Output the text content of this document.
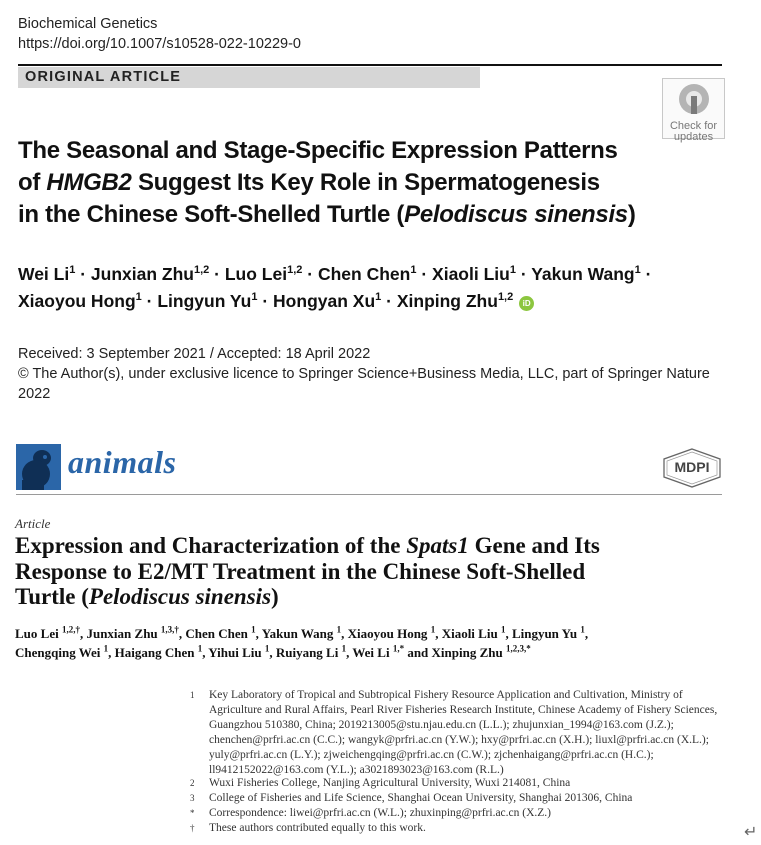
Biochemical Genetics
https://doi.org/10.1007/s10528-022-10229-0
ORIGINAL ARTICLE
Check for
updates
The Seasonal and Stage-Specific Expression Patterns
of HMGB2 Suggest Its Key Role in Spermatogenesis
in the Chinese Soft-Shelled Turtle (Pelodiscus sinensis)
Wei $Li^1$ · Junxian Zhu$^{1,2}$ · Luo Lei$^{1,2}$ · Chen Chen$^1$ · Xiaoli Liu$^1$ · Yakun Wang$^1$ ·
Xiaoyou Hong$^1$ · Lingyun $Yu^1$ · Hongyan $Xu^1$ · Xinping Zhu$^{1,2}$ iD
Received: 3 September 2021 / Accepted: 18 April 2022
© The Author(s), under exclusive licence to Springer Science+Business Media, LLC, part of Springer Nature 2022
animals	MDPI
Article
Expression and Characterization of the Spats1 Gene and Its
Response to E2/MT Treatment in the Chinese Soft-Shelled
Turtle (Pelodiscus sinensis)
Luo Lei $^{1,2,\dagger}$, Junxian Zhu $^{1,3,\dagger}$, Chen Chen $^1$, Yakun Wang $^1$, Xiaoyou Hong $^1$, Xiaoli Liu $^1$, Lingyun Yu $^1$,
Chengqing Wei $^1$, Haigang Chen $^1$, Yihui Liu $^1$, Ruiyang Li $^1$, Wei Li $^{1,*}$ and Xinping Zhu $^{1,2,3,*}$
1	Key Laboratory of Tropical and Subtropical Fishery Resource Application and Cultivation, Ministry of Agriculture and Rural Affairs, Pearl River Fisheries Research Institute, Chinese Academy of Fishery Sciences, Guangzhou 510380, China; 2019213005@stu.njau.edu.cn (L.L.); zhujunxian_1994@163.com (J.Z.); chenchen@prfri.ac.cn (C.C.); wangyk@prfri.ac.cn (Y.W.); hxy@prfri.ac.cn (X.H.); liuxl@prfri.ac.cn (X.L.); yuly@prfri.ac.cn (L.Y.); zjweichengqing@prfri.ac.cn (C.W.); zjchenhaigang@prfri.ac.cn (H.C.); ll9412152022@163.com (Y.L.); a3021893023@163.com (R.L.)
2	Wuxi Fisheries College, Nanjing Agricultural University, Wuxi 214081, China
3	College of Fisheries and Life Science, Shanghai Ocean University, Shanghai 201306, China
*	Correspondence: liwei@prfri.ac.cn (W.L.); zhuxinping@prfri.ac.cn (X.Z.)
†	These authors contributed equally to this work.	↵
